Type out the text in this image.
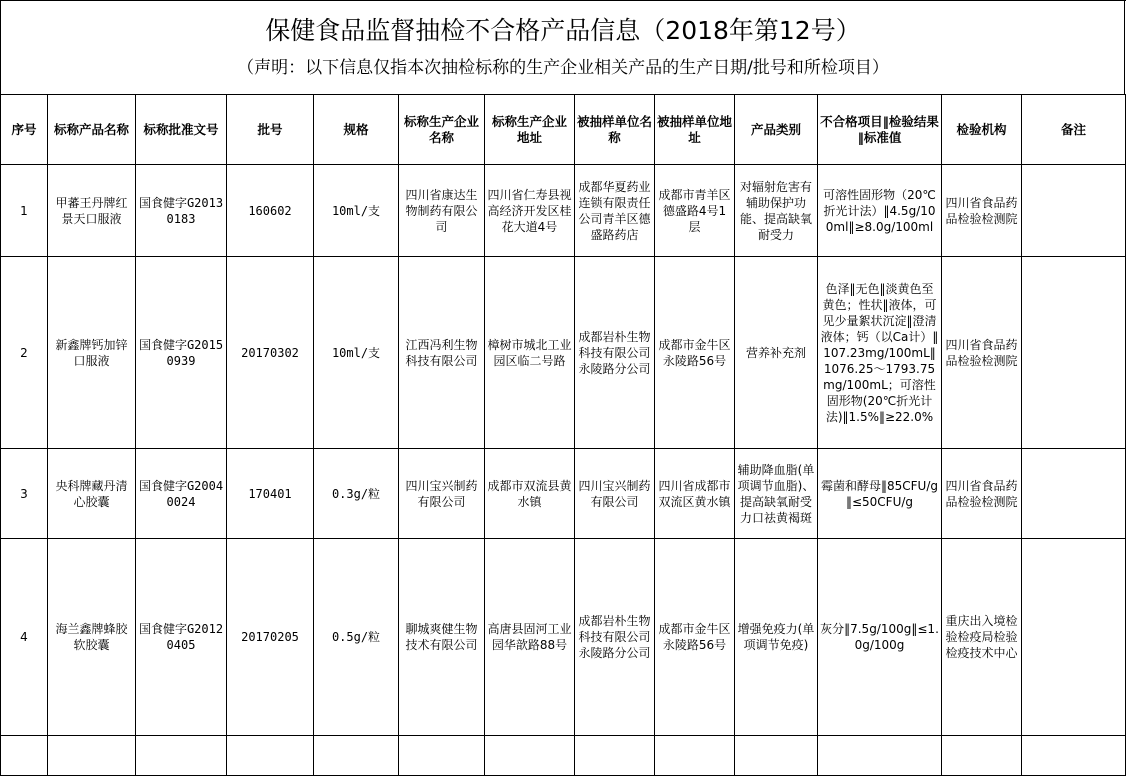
保健食品监督抽检不合格产品信息（2018年第12号）
（声明：以下信息仅指本次抽检标称的生产企业相关产品的生产日期/批号和所检项目）
序号	标称产品名称	标称批准文号	批号	规格	标称生产企业名称	标称生产企业地址	被抽样单位名称	被抽样单位地址	产品类别	不合格项目‖检验结果‖标准值	检验机构	备注
1	甲蕃王丹牌红景天口服液	国食健字G20130183	160602	10ml/支	四川省康达生物制药有限公司	四川省仁寿县视高经济开发区桂花大道4号	成都华夏药业连锁有限责任公司青羊区德盛路药店	成都市青羊区德盛路4号1层	对辐射危害有辅助保护功能、提高缺氧耐受力	可溶性固形物（20℃折光计法）‖4.5g/100ml‖≥8.0g/100ml	四川省食品药品检验检测院	
2	新鑫牌钙加锌口服液	国食健字G20150939	20170302	10ml/支	江西冯利生物科技有限公司	樟树市城北工业园区临二号路	成都岩朴生物科技有限公司永陵路分公司	成都市金牛区永陵路56号	营养补充剂	色泽‖无色‖淡黄色至黄色；性状‖液体，可见少量絮状沉淀‖澄清液体；钙（以Ca计）‖107.23mg/100mL‖1076.25～1793.75mg/100mL；可溶性固形物(20℃折光计法)‖1.5%‖≥22.0%	四川省食品药品检验检测院	
3	央科牌藏丹清心胶囊	国食健字G20040024	170401	0.3g/粒	四川宝兴制药有限公司	成都市双流县黄水镇	四川宝兴制药有限公司	四川省成都市双流区黄水镇	辅助降血脂(单项调节血脂)、提高缺氧耐受力口祛黄褐斑	霉菌和酵母‖85CFU/g‖≤50CFU/g	四川省食品药品检验检测院	
4	海兰鑫牌蜂胶软胶囊	国食健字G20120405	20170205	0.5g/粒	聊城爽健生物技术有限公司	高唐县固河工业园华歆路88号	成都岩朴生物科技有限公司永陵路分公司	成都市金牛区永陵路56号	增强免疫力(单项调节免疫)	灰分‖7.5g/100g‖≤1.0g/100g	重庆出入境检验检疫局检验检疫技术中心	
